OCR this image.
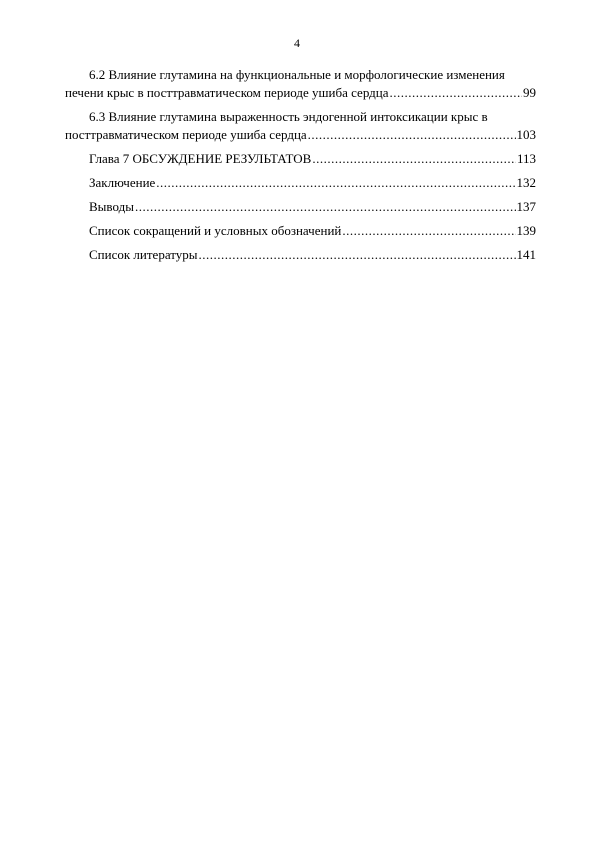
4
6.2 Влияние глутамина на функциональные и морфологические изменения
печени крыс в посттравматическом периоде ушиба сердца .....	99
6.3 Влияние глутамина выраженность эндогенной интоксикации крыс в
посттравматическом периоде ушиба сердца .....	103
Глава 7 ОБСУЖДЕНИЕ РЕЗУЛЬТАТОВ .....	113
Заключение .....	132
Выводы .....	137
Список сокращений и условных обозначений .....	139
Список литературы .....	141
